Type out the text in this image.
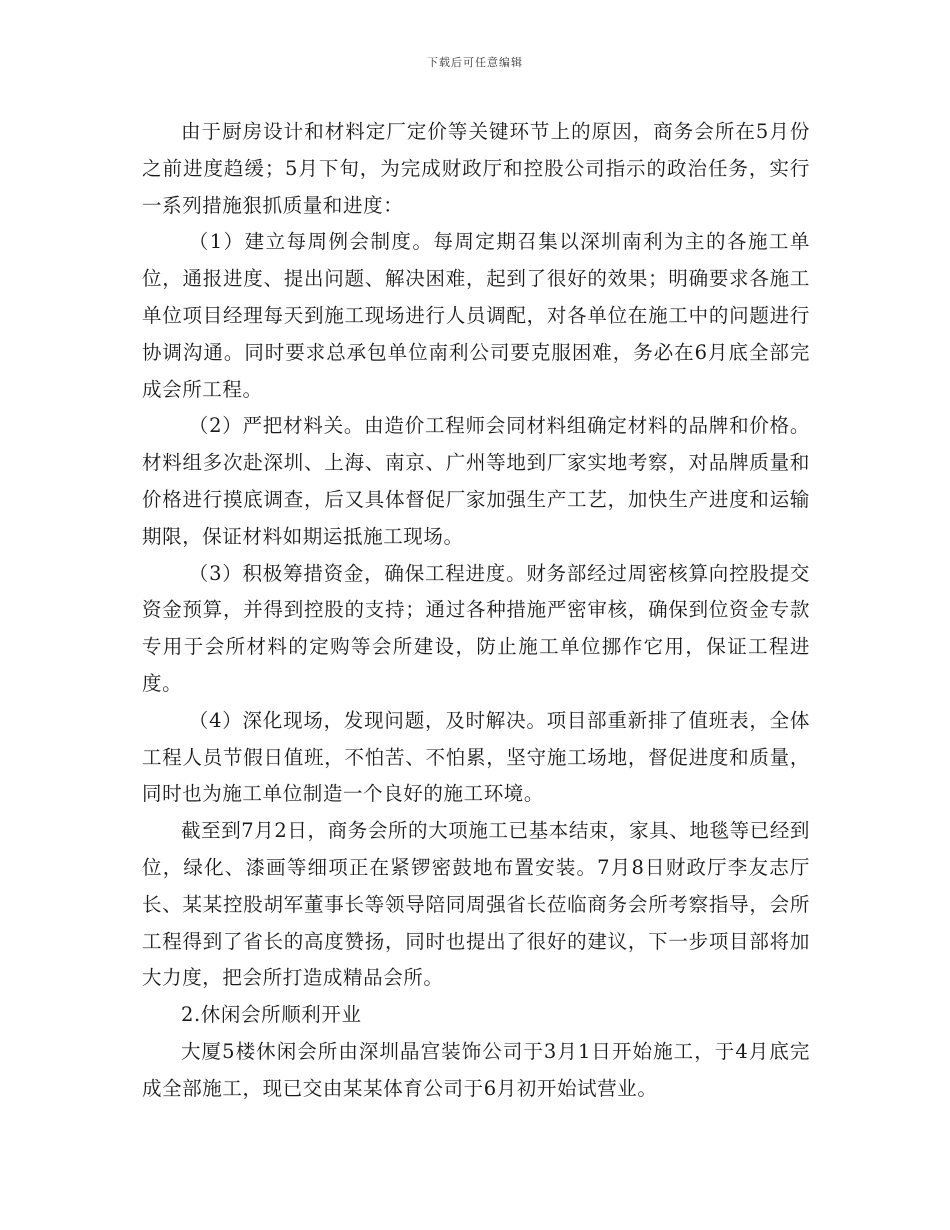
下载后可任意编辑

由于厨房设计和材料定厂定价等关键环节上的原因，商务会所在5月份之前进度趋缓；5月下旬，为完成财政厅和控股公司指示的政治任务，实行一系列措施狠抓质量和进度：

（1）建立每周例会制度。每周定期召集以深圳南利为主的各施工单位，通报进度、提出问题、解决困难，起到了很好的效果；明确要求各施工单位项目经理每天到施工现场进行人员调配，对各单位在施工中的问题进行协调沟通。同时要求总承包单位南利公司要克服困难，务必在6月底全部完成会所工程。

（2）严把材料关。由造价工程师会同材料组确定材料的品牌和价格。材料组多次赴深圳、上海、南京、广州等地到厂家实地考察，对品牌质量和价格进行摸底调查，后又具体督促厂家加强生产工艺，加快生产进度和运输期限，保证材料如期运抵施工现场。

（3）积极筹措资金，确保工程进度。财务部经过周密核算向控股提交资金预算，并得到控股的支持；通过各种措施严密审核，确保到位资金专款专用于会所材料的定购等会所建设，防止施工单位挪作它用，保证工程进度。

（4）深化现场，发现问题，及时解决。项目部重新排了值班表，全体工程人员节假日值班，不怕苦、不怕累，坚守施工场地，督促进度和质量，同时也为施工单位制造一个良好的施工环境。

截至到7月2日，商务会所的大项施工已基本结束，家具、地毯等已经到位，绿化、漆画等细项正在紧锣密鼓地布置安装。7月8日财政厅李友志厅长、某某控股胡军董事长等领导陪同周强省长莅临商务会所考察指导，会所工程得到了省长的高度赞扬，同时也提出了很好的建议，下一步项目部将加大力度，把会所打造成精品会所。

2.休闲会所顺利开业

大厦5楼休闲会所由深圳晶宫装饰公司于3月1日开始施工，于4月底完成全部施工，现已交由某某体育公司于6月初开始试营业。
